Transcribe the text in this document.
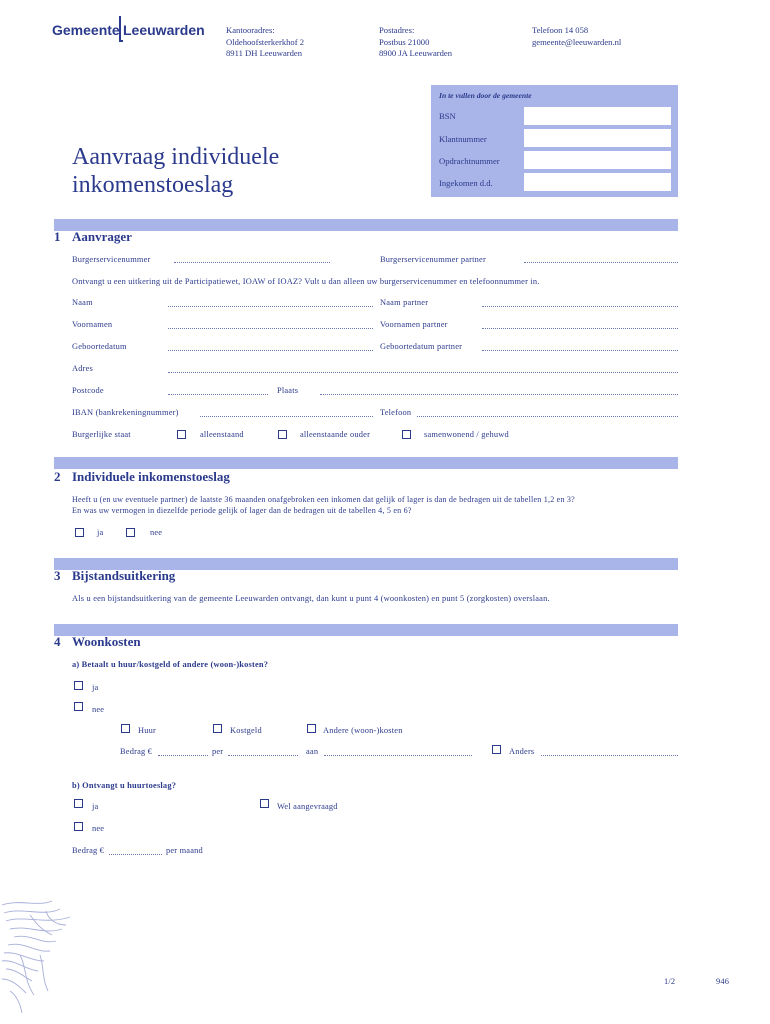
Gemeente Leeuwarden Kantooradres:
Oldehoofsterkerkhof 2
8911 DH Leeuwarden
Postadres:
Postbus 21000
8900 JA Leeuwarden
Telefoon 14 058
gemeente@leeuwarden.nl
In te vullen door de gemeente
BSN
Klantnummer
Opdrachtnummer
Ingekomen d.d.
Aanvraag individuele
inkomenstoeslag
1 Aanvrager
Burgerservicenummer	Burgerservicenummer partner
Ontvangt u een uitkering uit de Participatiewet, IOAW of IOAZ? Vult u dan alleen uw burgerservicenummer en telefoonnummer in.
Naam	Naam partner
Voornamen	Voornamen partner
Geboortedatum	Geboortedatum partner
Adres
Postcode	Plaats
IBAN (bankrekeningnummer)	Telefoon
Burgerlijke staat	alleenstaand	alleenstaande ouder	samenwonend / gehuwd
2 Individuele inkomenstoeslag
Heeft u (en uw eventuele partner) de laatste 36 maanden onafgebroken een inkomen dat gelijk of lager is dan de bedragen uit de tabellen 1,2 en 3?
En was uw vermogen in diezelfde periode gelijk of lager dan de bedragen uit de tabellen 4, 5 en 6?
ja	nee
3 Bijstandsuitkering
Als u een bijstandsuitkering van de gemeente Leeuwarden ontvangt, dan kunt u punt 4 (woonkosten) en punt 5 (zorgkosten) overslaan.
4 Woonkosten
a) Betaalt u huur/kostgeld of andere (woon-)kosten?
ja
nee
Huur	Kostgeld	Andere (woon-)kosten
Bedrag €	per	aan	Anders
b) Ontvangt u huurtoeslag?
ja	Wel aangevraagd
nee
Bedrag €	per maand
1/2	946
